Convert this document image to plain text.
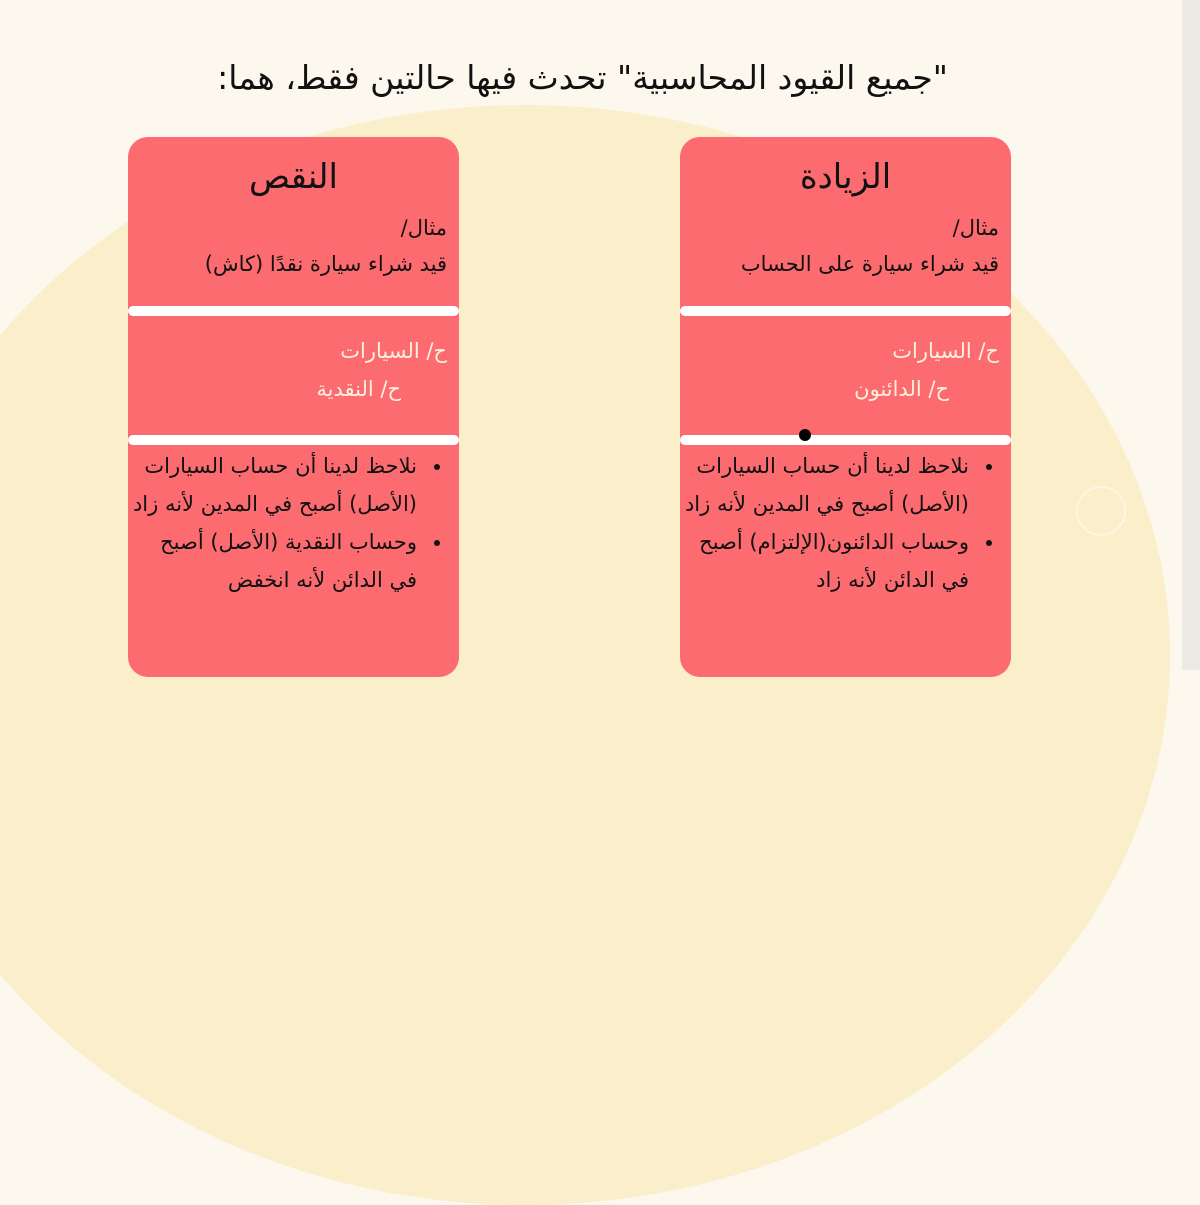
"جميع القيود المحاسبية" تحدث فيها حالتين فقط، هما:
الزيادة
مثال/
قيد شراء سيارة على الحساب
ح/ السيارات
ح/ الدائنون
• نلاحظ لدينا أن حساب السيارات (الأصل) أصبح في المدين لأنه زاد
• وحساب الدائنون(الإلتزام) أصبح في الدائن لأنه زاد
النقص
مثال/
قيد شراء سيارة نقدًا (كاش)
ح/ السيارات
ح/ النقدية
• نلاحظ لدينا أن حساب السيارات (الأصل) أصبح في المدين لأنه زاد
• وحساب النقدية (الأصل) أصبح في الدائن لأنه انخفض
